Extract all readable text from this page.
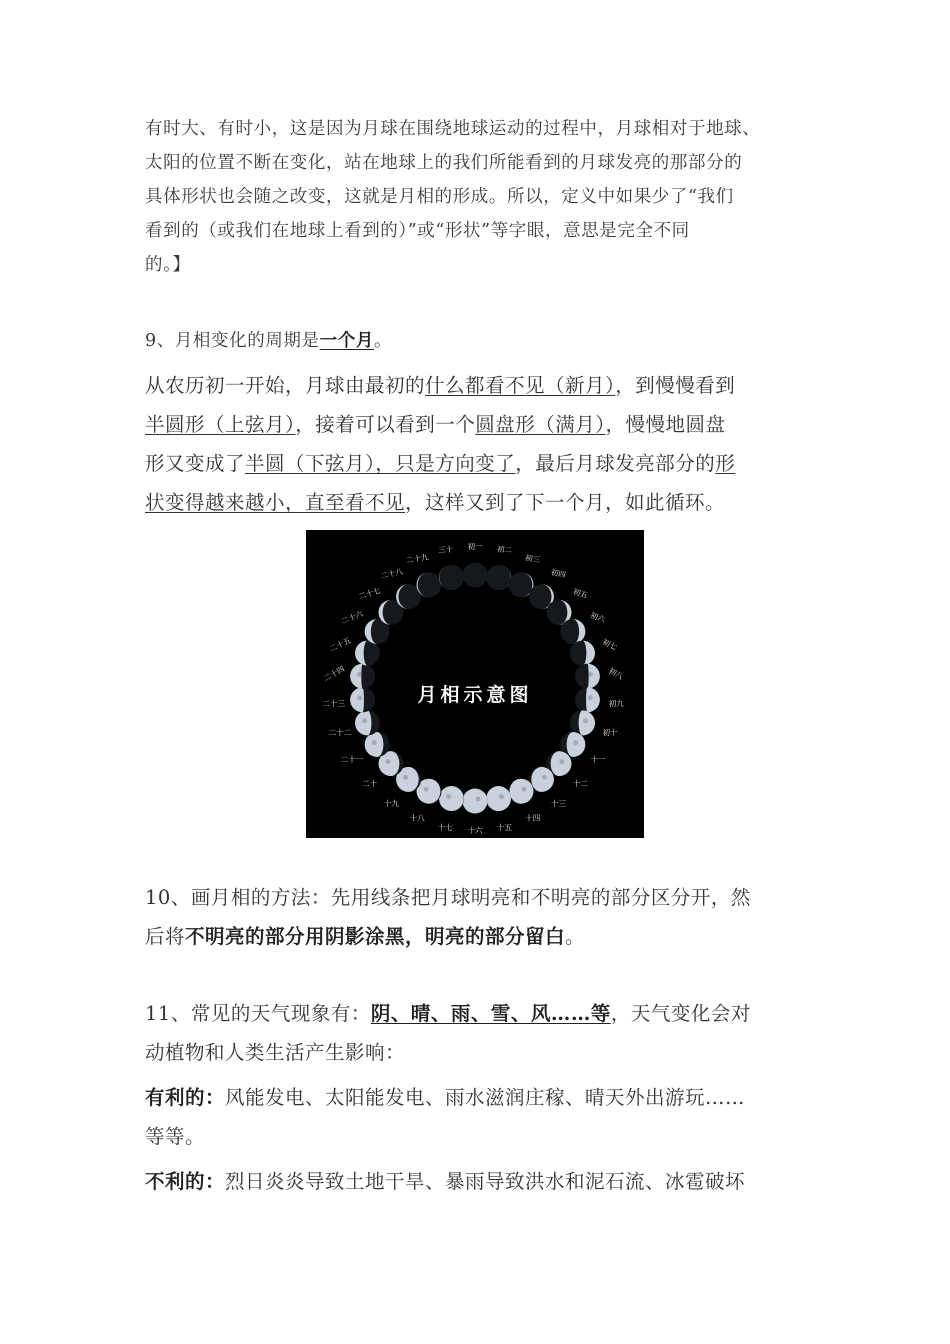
有时大、有时小，这是因为月球在围绕地球运动的过程中，月球相对于地球、
太阳的位置不断在变化，站在地球上的我们所能看到的月球发亮的那部分的
具体形状也会随之改变，这就是月相的形成。所以，定义中如果少了“我们
看到的（或我们在地球上看到的）”或“形状”等字眼，意思是完全不同
的。】
9、月相变化的周期是一个月。
从农历初一开始，月球由最初的什么都看不见（新月），到慢慢看到
半圆形（上弦月），接着可以看到一个圆盘形（满月），慢慢地圆盘
形又变成了半圆（下弦月），只是方向变了，最后月球发亮部分的形
状变得越来越小，直至看不见，这样又到了下一个月，如此循环。
月相示意图
初一 初二
初三
初四
初五
初六
初七
初八
初九
初十
十一
十二
十三
十四
十五
十六
十七
十八
十九
二十
二十一
二十二
二十三
二十四
二十五
二十六
二十七
二十八
二十九
三十
10、画月相的方法：先用线条把月球明亮和不明亮的部分区分开，然
后将不明亮的部分用阴影涂黑，明亮的部分留白。
11、常见的天气现象有：阴、晴、雨、雪、风……等，天气变化会对
动植物和人类生活产生影响：
有利的：风能发电、太阳能发电、雨水滋润庄稼、晴天外出游玩……
等等。
不利的：烈日炎炎导致土地干旱、暴雨导致洪水和泥石流、冰雹破坏
